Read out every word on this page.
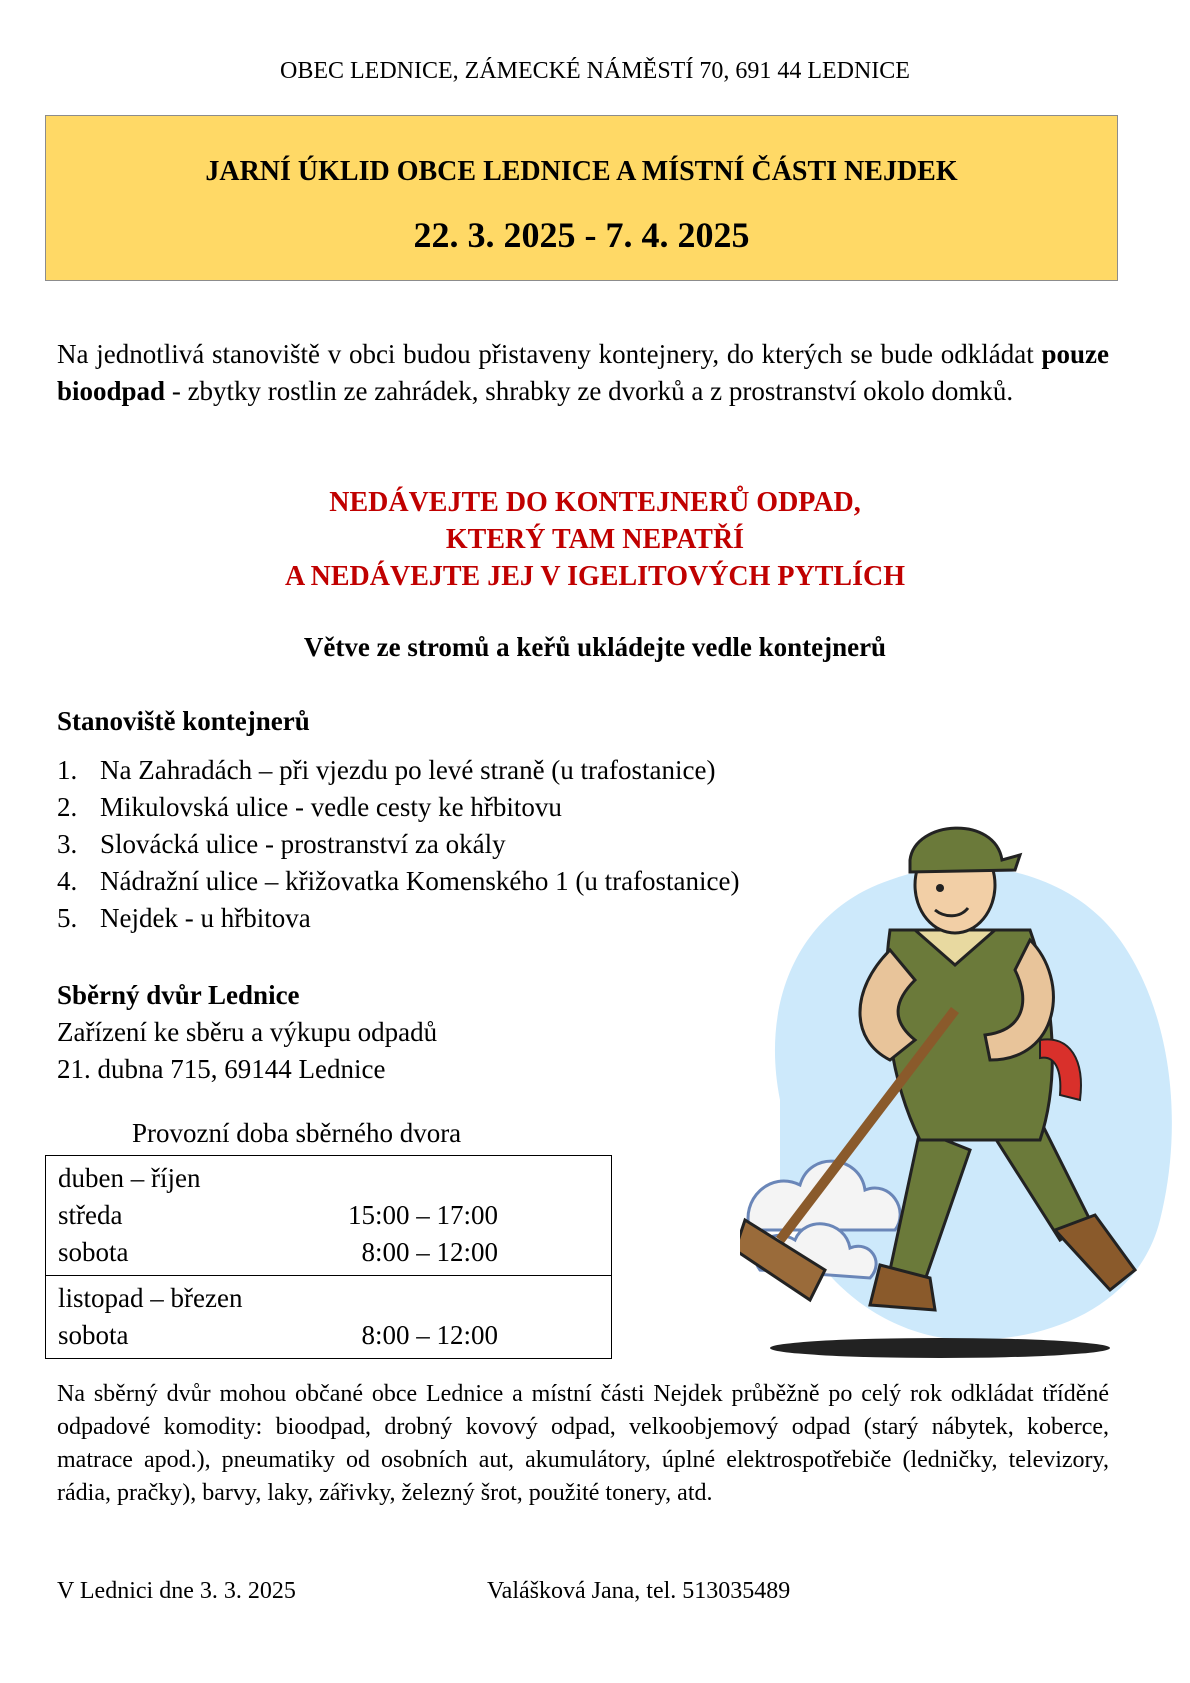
OBEC LEDNICE, ZÁMECKÉ NÁMĚSTÍ 70, 691 44 LEDNICE
JARNÍ ÚKLID OBCE LEDNICE A MÍSTNÍ ČÁSTI NEJDEK
22. 3. 2025 - 7. 4. 2025
Na jednotlivá stanoviště v obci budou přistaveny kontejnery, do kterých se bude odkládat pouze bioodpad - zbytky rostlin ze zahrádek, shrabky ze dvorků a z prostranství okolo domků.
NEDÁVEJTE DO KONTEJNERŮ ODPAD,
KTERÝ TAM NEPATŘÍ
A NEDÁVEJTE JEJ V IGELITOVÝCH PYTLÍCH
Větve ze stromů a keřů ukládejte vedle kontejnerů
Stanoviště kontejnerů
1. Na Zahradách – při vjezdu po levé straně (u trafostanice)
2. Mikulovská ulice - vedle cesty ke hřbitovu
3. Slovácká ulice - prostranství za okály
4. Nádražní ulice – křižovatka Komenského 1 (u trafostanice)
5. Nejdek - u hřbitova
Sběrný dvůr Lednice
Zařízení ke sběru a výkupu odpadů
21. dubna 715, 69144 Lednice
Provozní doba sběrného dvora
duben – říjen
středa	15:00 – 17:00
sobota	8:00 – 12:00
listopad – březen
sobota	8:00 – 12:00
Na sběrný dvůr mohou občané obce Lednice a místní části Nejdek průběžně po celý rok odkládat tříděné odpadové komodity: bioodpad, drobný kovový odpad, velkoobjemový odpad (starý nábytek, koberce, matrace apod.), pneumatiky od osobních aut, akumulátory, úplné elektrospotřebiče (ledničky, televizory, rádia, pračky), barvy, laky, zářivky, železný šrot, použité tonery, atd.
V Lednici dne 3. 3. 2025	Valášková Jana, tel. 513035489
